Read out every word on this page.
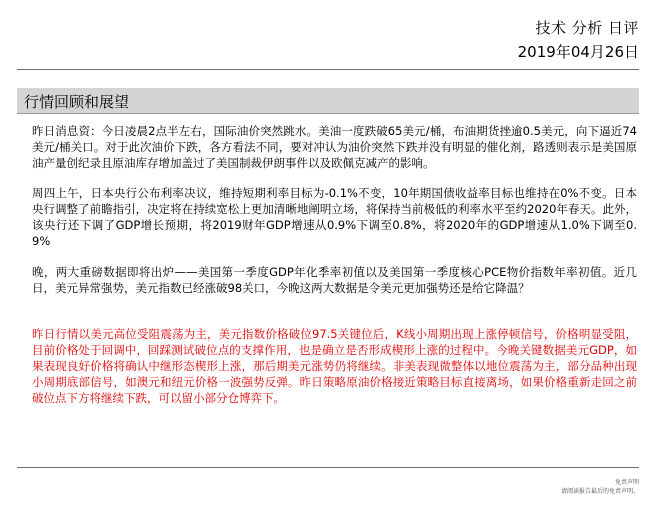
技术 分析 日评
2019年04月26日
行情回顾和展望

昨日消息资：今日凌晨2点半左右，国际油价突然跳水。美油一度跌破65美元/桶，布油期货挫逾0.5美元，向下逼近74美元/桶关口。对于此次油价下跌，各方看法不同，要对冲认为油价突然下跌并没有明显的催化剂，路透则表示是美国原油产量创纪录且原油库存增加盖过了美国制裁伊朗事件以及欧佩克减产的影响。

周四上午，日本央行公布利率决议，维持短期利率目标为-0.1%不变，10年期国债收益率目标也维持在0%不变。日本央行调整了前瞻指引，决定将在持续宽松上更加清晰地阐明立场，将保持当前极低的利率水平至约2020年春天。此外，该央行还下调了GDP增长预期，将2019财年GDP增速从0.9%下调至0.8%，将2020年的GDP增速从1.0%下调至0.9%

晚，两大重磅数据即将出炉——美国第一季度GDP年化季率初值以及美国第一季度核心PCE物价指数年率初值。近几日，美元异常强势，美元指数已经涨破98关口，今晚这两大数据是令美元更加强势还是给它降温？

昨日行情以美元高位受阻震荡为主，美元指数价格破位97.5关键位后，K线小周期出现上涨停顿信号，价格明显受阻，目前价格处于回调中，回踩测试破位点的支撑作用，也是确立是否形成楔形上涨的过程中。今晚关键数据美元GDP，如果表现良好价格将确认中继形态楔形上涨，那后期美元涨势仍将继续。非美表现微整体以地位震荡为主，部分品种出现小周期底部信号，如澳元和纽元价格一波强势反弹。昨日策略原油价格接近策略目标直接离场，如果价格重新走回之前破位点下方将继续下跌，可以留小部分仓博弈下。

免责声明
请阅读报告最后的免责声明。
